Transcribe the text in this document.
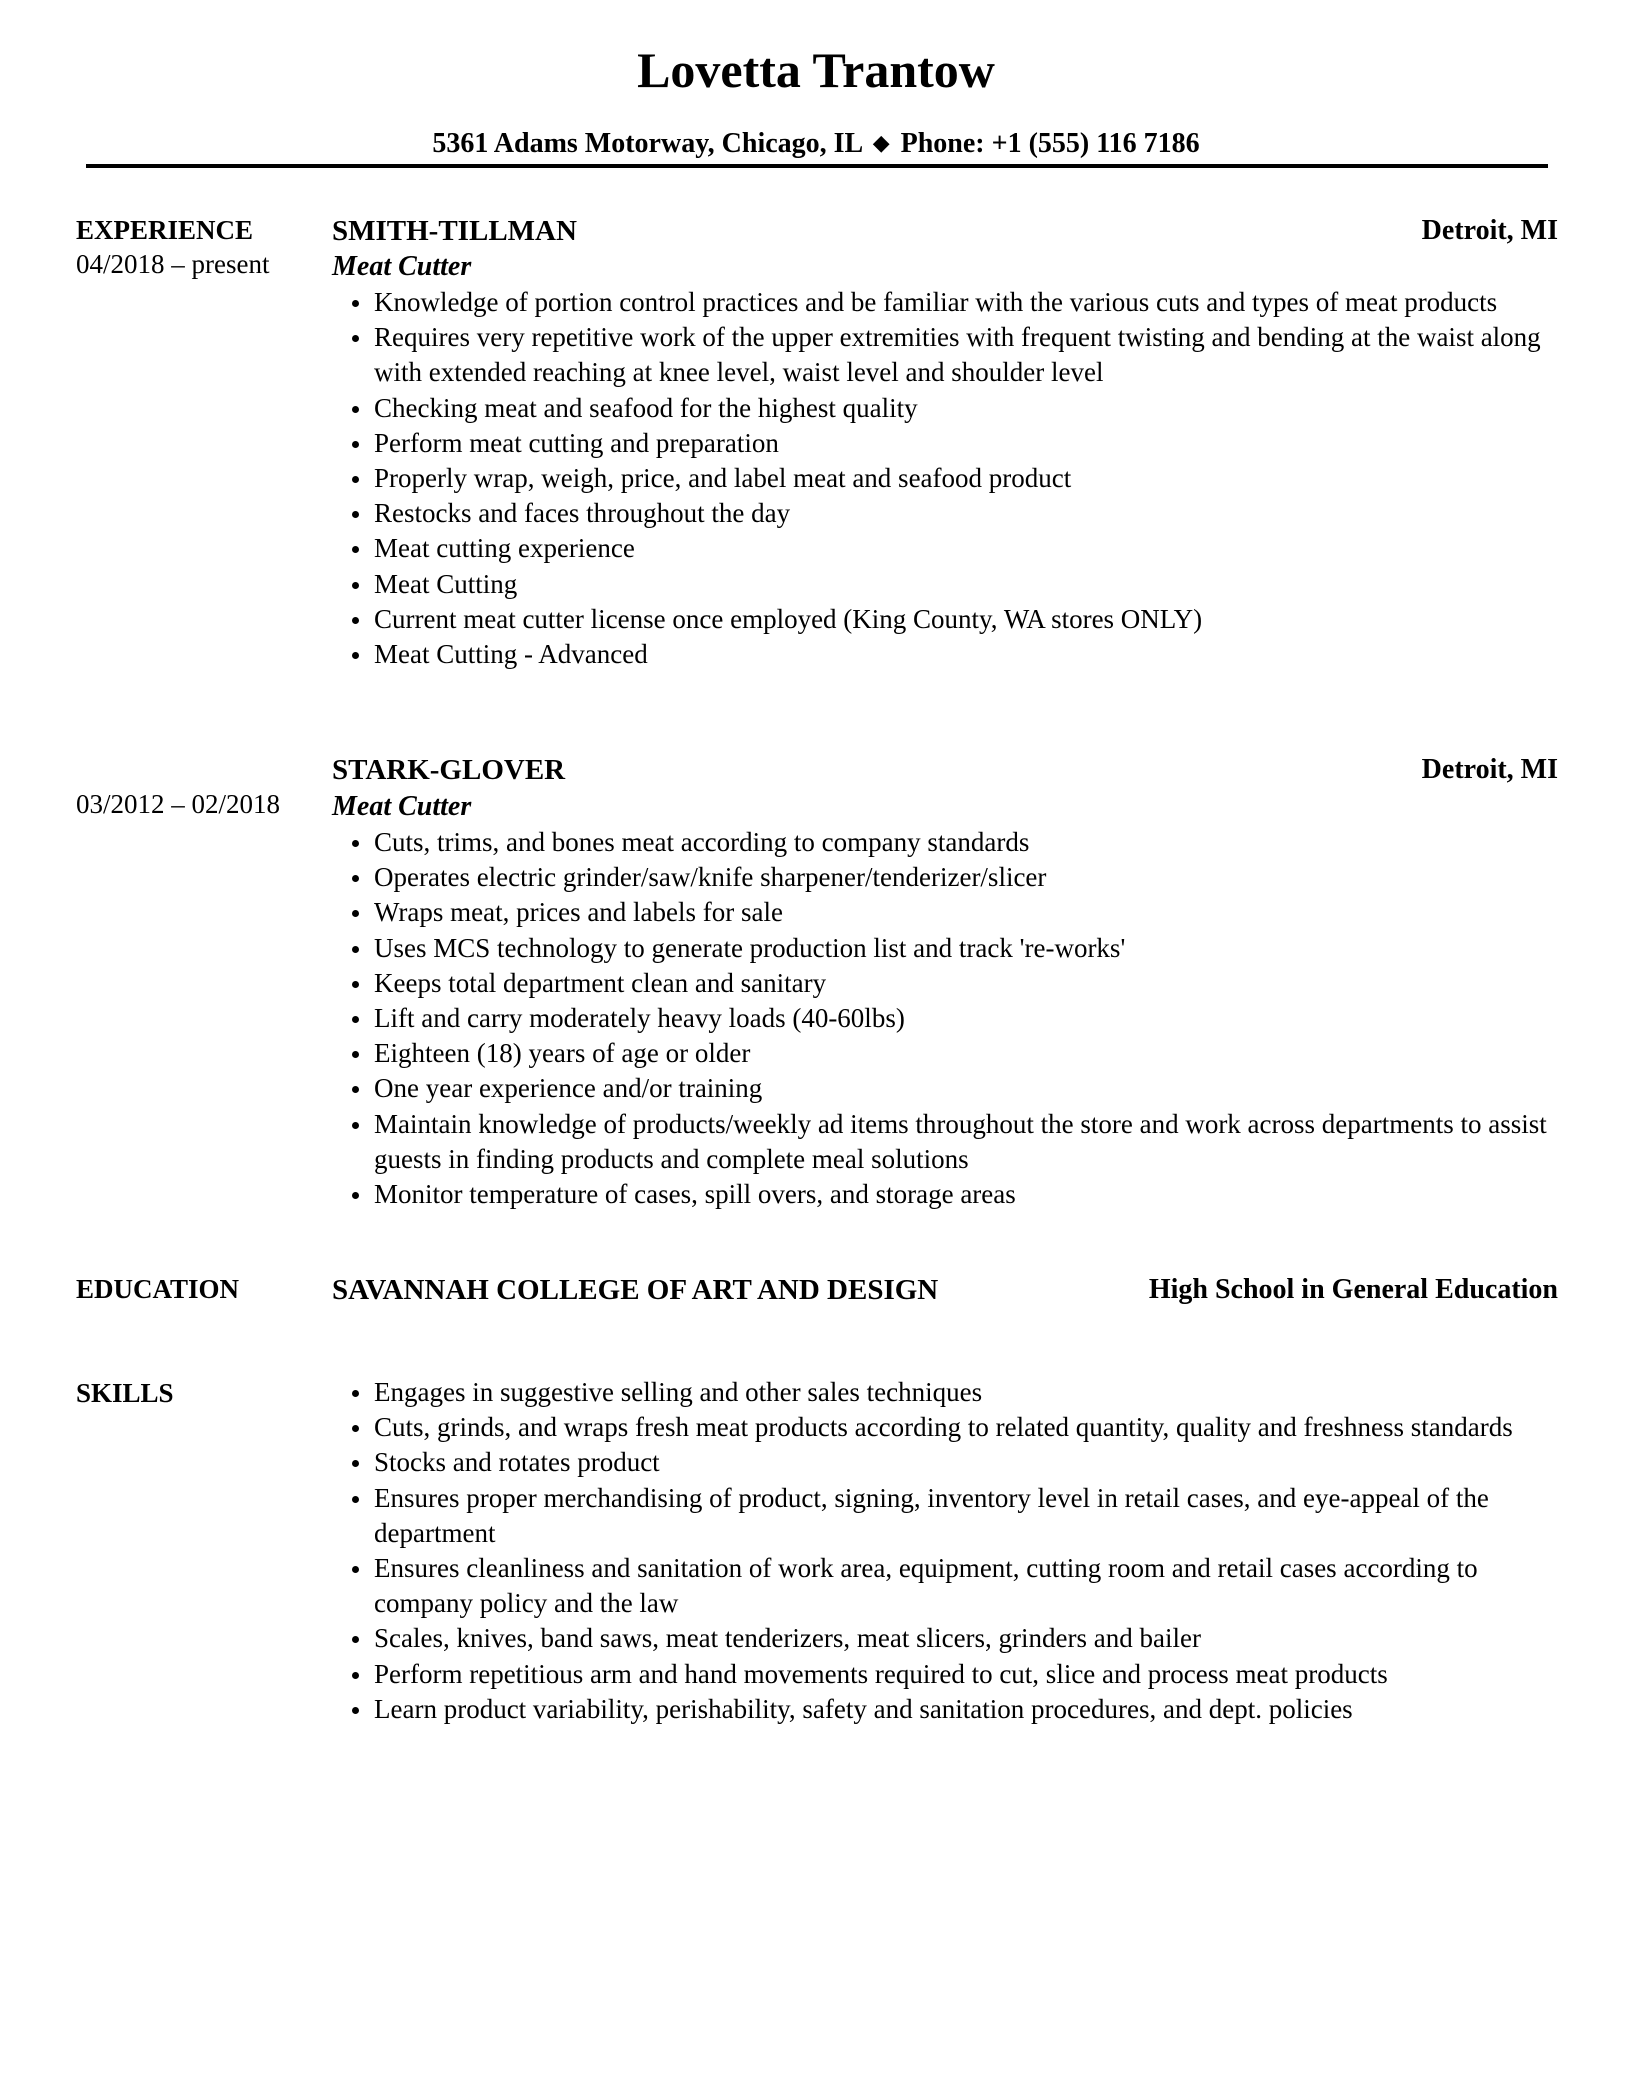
Lovetta Trantow
5361 Adams Motorway, Chicago, IL ◆ Phone: +1 (555) 116 7186
EXPERIENCE
04/2018 – present
SMITH-TILLMAN	Detroit, MI
Meat Cutter
Knowledge of portion control practices and be familiar with the various cuts and types of meat products
Requires very repetitive work of the upper extremities with frequent twisting and bending at the waist along with extended reaching at knee level, waist level and shoulder level
Checking meat and seafood for the highest quality
Perform meat cutting and preparation
Properly wrap, weigh, price, and label meat and seafood product
Restocks and faces throughout the day
Meat cutting experience
Meat Cutting
Current meat cutter license once employed (King County, WA stores ONLY)
Meat Cutting - Advanced
03/2012 – 02/2018
STARK-GLOVER	Detroit, MI
Meat Cutter
Cuts, trims, and bones meat according to company standards
Operates electric grinder/saw/knife sharpener/tenderizer/slicer
Wraps meat, prices and labels for sale
Uses MCS technology to generate production list and track 're-works'
Keeps total department clean and sanitary
Lift and carry moderately heavy loads (40-60lbs)
Eighteen (18) years of age or older
One year experience and/or training
Maintain knowledge of products/weekly ad items throughout the store and work across departments to assist guests in finding products and complete meal solutions
Monitor temperature of cases, spill overs, and storage areas
EDUCATION	SAVANNAH COLLEGE OF ART AND DESIGN	High School in General Education
SKILLS	Engages in suggestive selling and other sales techniques
Cuts, grinds, and wraps fresh meat products according to related quantity, quality and freshness standards
Stocks and rotates product
Ensures proper merchandising of product, signing, inventory level in retail cases, and eye-appeal of the department
Ensures cleanliness and sanitation of work area, equipment, cutting room and retail cases according to company policy and the law
Scales, knives, band saws, meat tenderizers, meat slicers, grinders and bailer
Perform repetitious arm and hand movements required to cut, slice and process meat products
Learn product variability, perishability, safety and sanitation procedures, and dept. policies
